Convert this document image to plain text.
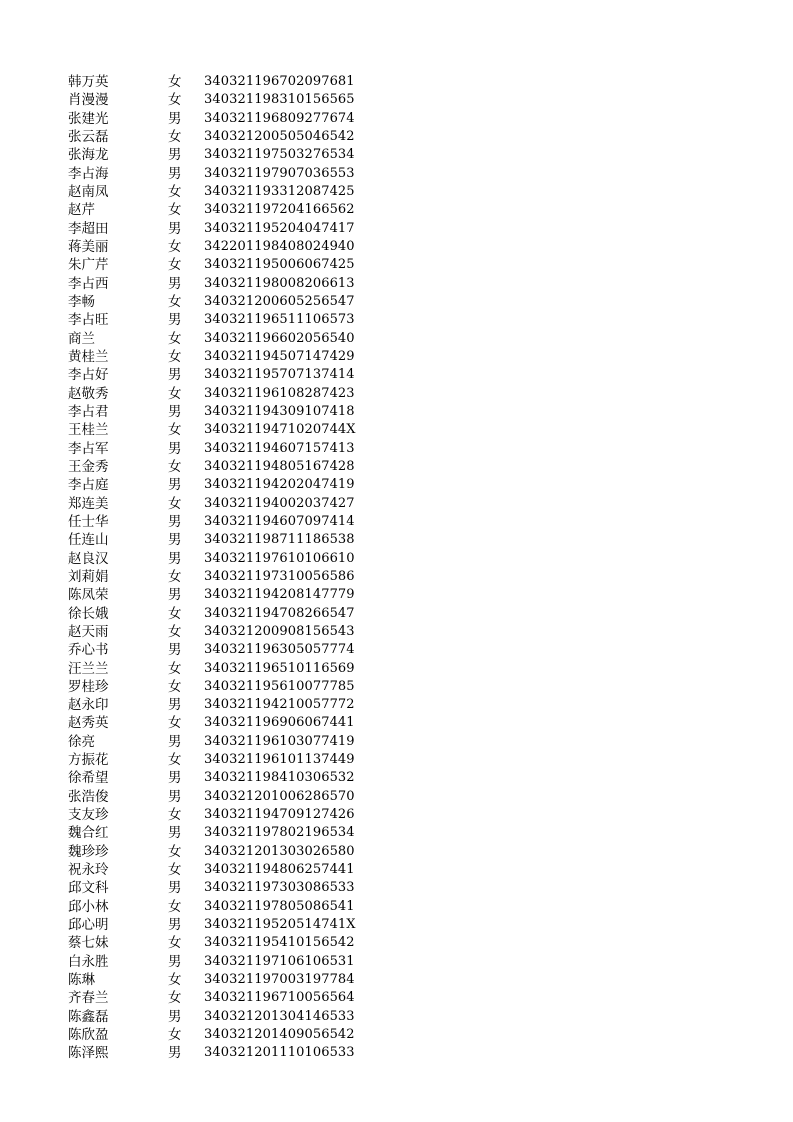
韩万英	女 340321196702097681
肖漫漫	女 340321198310156565
张建光	男 340321196809277674
张云磊	女 340321200505046542
张海龙	男 340321197503276534
李占海	男 340321197907036553
赵南凤	女 340321193312087425
赵芹	女 340321197204166562
李超田	男 340321195204047417
蒋美丽	女 342201198408024940
朱广芹	女 340321195006067425
李占西	男 340321198008206613
李畅	女 340321200605256547
李占旺	男 340321196511106573
商兰	女 340321196602056540
黄桂兰	女 340321194507147429
李占好	男 340321195707137414
赵敬秀	女 340321196108287423
李占君	男 340321194309107418
王桂兰	女 34032119471020744X
李占军	男 340321194607157413
王金秀	女 340321194805167428
李占庭	男 340321194202047419
郑连美	女 340321194002037427
任士华	男 340321194607097414
任连山	男 340321198711186538
赵良汉	男 340321197610106610
刘莉娟	女 340321197310056586
陈凤荣	男 340321194208147779
徐长娥	女 340321194708266547
赵天雨	女 340321200908156543
乔心书	男 340321196305057774
汪兰兰	女 340321196510116569
罗桂珍	女 340321195610077785
赵永印	男 340321194210057772
赵秀英	女 340321196906067441
徐亮	男 340321196103077419
方振花	女 340321196101137449
徐希望	男 340321198410306532
张浩俊	男 340321201006286570
支友珍	女 340321194709127426
魏合红	男 340321197802196534
魏珍珍	女 340321201303026580
祝永玲	女 340321194806257441
邱文科	男 340321197303086533
邱小林	女 340321197805086541
邱心明	男 34032119520514741X
蔡七妹	女 340321195410156542
白永胜	男 340321197106106531
陈琳	女 340321197003197784
齐春兰	女 340321196710056564
陈鑫磊	男 340321201304146533
陈欣盈	女 340321201409056542
陈泽熙	男 340321201110106533
